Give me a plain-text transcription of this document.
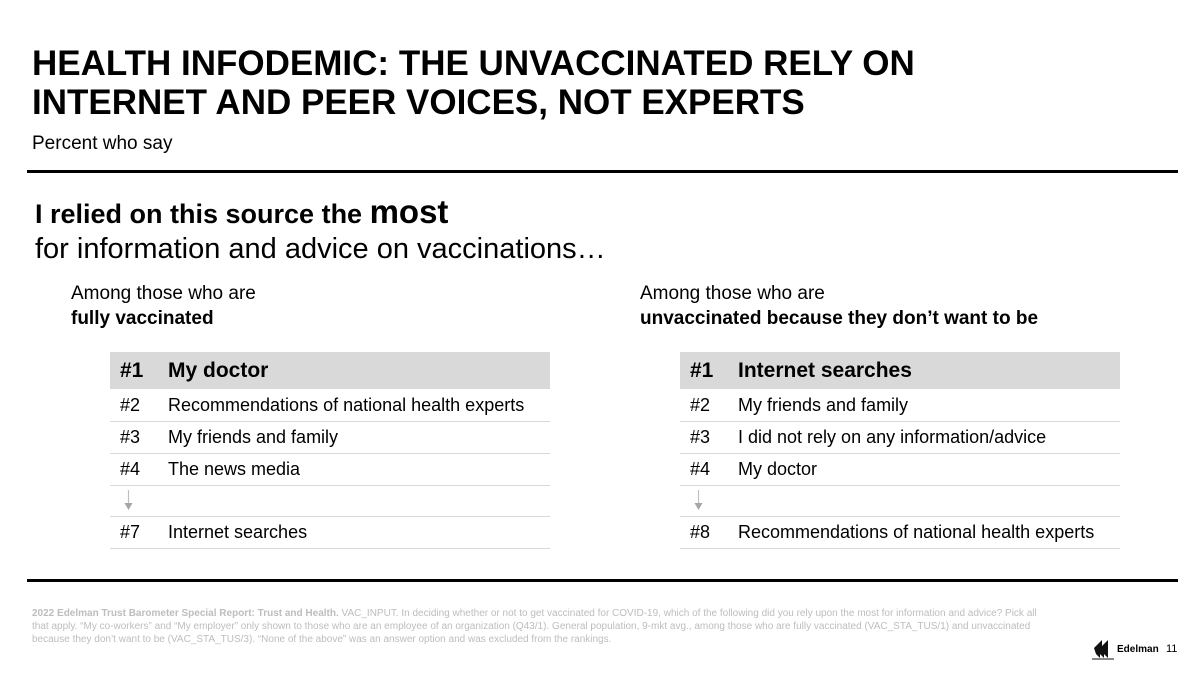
HEALTH INFODEMIC: THE UNVACCINATED RELY ON
INTERNET AND PEER VOICES, NOT EXPERTS
Percent who say
I relied on this source the most
for information and advice on vaccinations…
Among those who are
fully vaccinated
#1 My doctor
#2 Recommendations of national health experts
#3 My friends and family
#4 The news media
#7 Internet searches
Among those who are
unvaccinated because they don’t want to be
#1 Internet searches
#2 My friends and family
#3 I did not rely on any information/advice
#4 My doctor
#8 Recommendations of national health experts
2022 Edelman Trust Barometer Special Report: Trust and Health. VAC_INPUT. In deciding whether or not to get vaccinated for COVID-19, which of the following did you rely upon the most for information and advice? Pick all that apply. “My co-workers” and “My employer” only shown to those who are an employee of an organization (Q43/1). General population, 9-mkt avg., among those who are fully vaccinated (VAC_STA_TUS/1) and unvaccinated because they don’t want to be (VAC_STA_TUS/3). “None of the above” was an answer option and was excluded from the rankings.
Edelman 11
